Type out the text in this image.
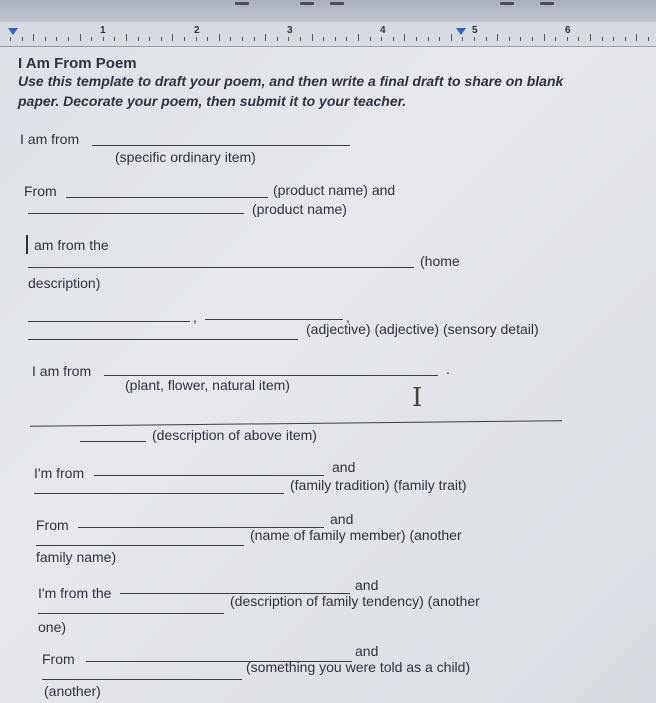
1	2	3	4	5	6
I Am From Poem
Use this template to draft your poem, and then write a final draft to share on blank
paper. Decorate your poem, then submit it to your teacher.
I am from
(specific ordinary item)
From	(product name) and
(product name)
am from the
(home
description)
,	,
(adjective) (adjective) (sensory detail)
I am from	.
(plant, flower, natural item)	I
(description of above item)
I'm from	and
(family tradition) (family trait)
From	and
(name of family member) (another
family name)
I'm from the	and
(description of family tendency) (another
one)
From	and
(something you were told as a child)
(another)
